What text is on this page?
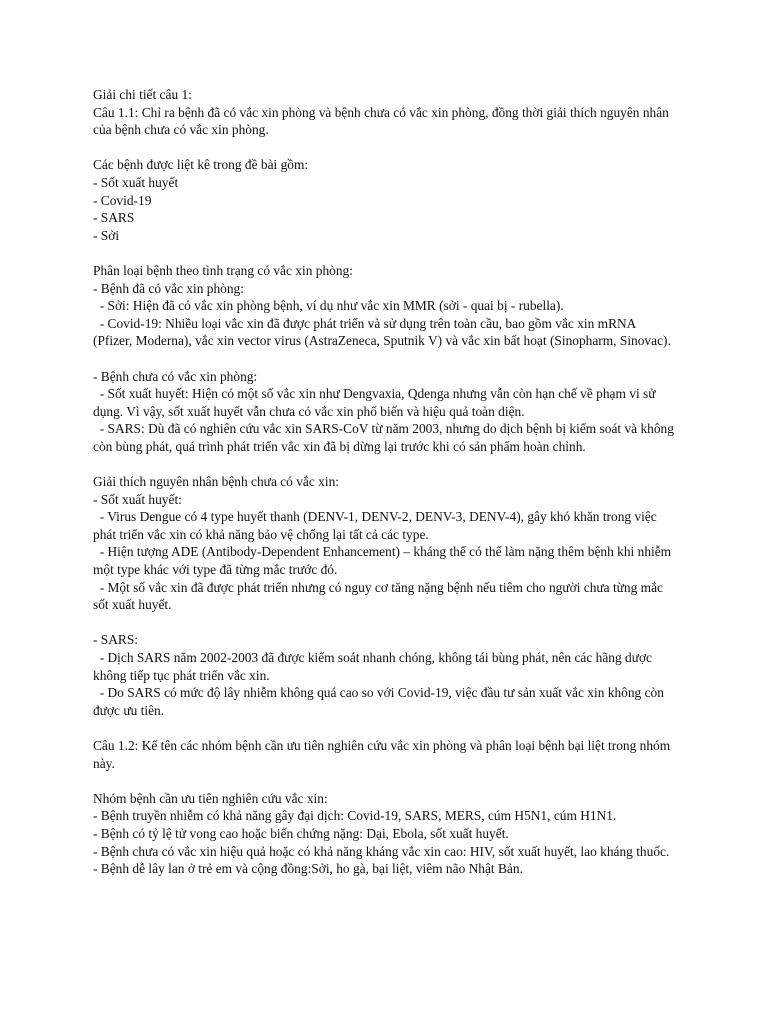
Giải chi tiết câu 1:
Câu 1.1: Chỉ ra bệnh đã có vắc xin phòng và bệnh chưa có vắc xin phòng, đồng thời giải thích nguyên nhân của bệnh chưa có vắc xin phòng.
Các bệnh được liệt kê trong đề bài gồm:
- Sốt xuất huyết
- Covid-19
- SARS
- Sởi
Phân loại bệnh theo tình trạng có vắc xin phòng:
- Bệnh đã có vắc xin phòng:
- Sởi: Hiện đã có vắc xin phòng bệnh, ví dụ như vắc xin MMR (sởi - quai bị - rubella).
- Covid-19: Nhiều loại vắc xin đã được phát triển và sử dụng trên toàn cầu, bao gồm vắc xin mRNA (Pfizer, Moderna), vắc xin vector virus (AstraZeneca, Sputnik V) và vắc xin bất hoạt (Sinopharm, Sinovac).
- Bệnh chưa có vắc xin phòng:
- Sốt xuất huyết: Hiện có một số vắc xin như Dengvaxia, Qdenga nhưng vẫn còn hạn chế về phạm vi sử dụng. Vì vậy, sốt xuất huyết vẫn chưa có vắc xin phổ biến và hiệu quả toàn diện.
- SARS: Dù đã có nghiên cứu vắc xin SARS-CoV từ năm 2003, nhưng do dịch bệnh bị kiểm soát và không còn bùng phát, quá trình phát triển vắc xin đã bị dừng lại trước khi có sản phẩm hoàn chỉnh.
Giải thích nguyên nhân bệnh chưa có vắc xin:
- Sốt xuất huyết:
- Virus Dengue có 4 type huyết thanh (DENV-1, DENV-2, DENV-3, DENV-4), gây khó khăn trong việc phát triển vắc xin có khả năng bảo vệ chống lại tất cả các type.
- Hiện tượng ADE (Antibody-Dependent Enhancement) – kháng thể có thể làm nặng thêm bệnh khi nhiễm một type khác với type đã từng mắc trước đó.
- Một số vắc xin đã được phát triển nhưng có nguy cơ tăng nặng bệnh nếu tiêm cho người chưa từng mắc sốt xuất huyết.
- SARS:
- Dịch SARS năm 2002-2003 đã được kiểm soát nhanh chóng, không tái bùng phát, nên các hãng dược không tiếp tục phát triển vắc xin.
- Do SARS có mức độ lây nhiễm không quá cao so với Covid-19, việc đầu tư sản xuất vắc xin không còn được ưu tiên.
Câu 1.2: Kể tên các nhóm bệnh cần ưu tiên nghiên cứu vắc xin phòng và phân loại bệnh bại liệt trong nhóm này.
Nhóm bệnh cần ưu tiên nghiên cứu vắc xin:
- Bệnh truyền nhiễm có khả năng gây đại dịch: Covid-19, SARS, MERS, cúm H5N1, cúm H1N1.
- Bệnh có tỷ lệ tử vong cao hoặc biến chứng nặng: Dại, Ebola, sốt xuất huyết.
- Bệnh chưa có vắc xin hiệu quả hoặc có khả năng kháng vắc xin cao: HIV, sốt xuất huyết, lao kháng thuốc.
- Bệnh dễ lây lan ở trẻ em và cộng đồng:Sởi, ho gà, bại liệt, viêm não Nhật Bản.
